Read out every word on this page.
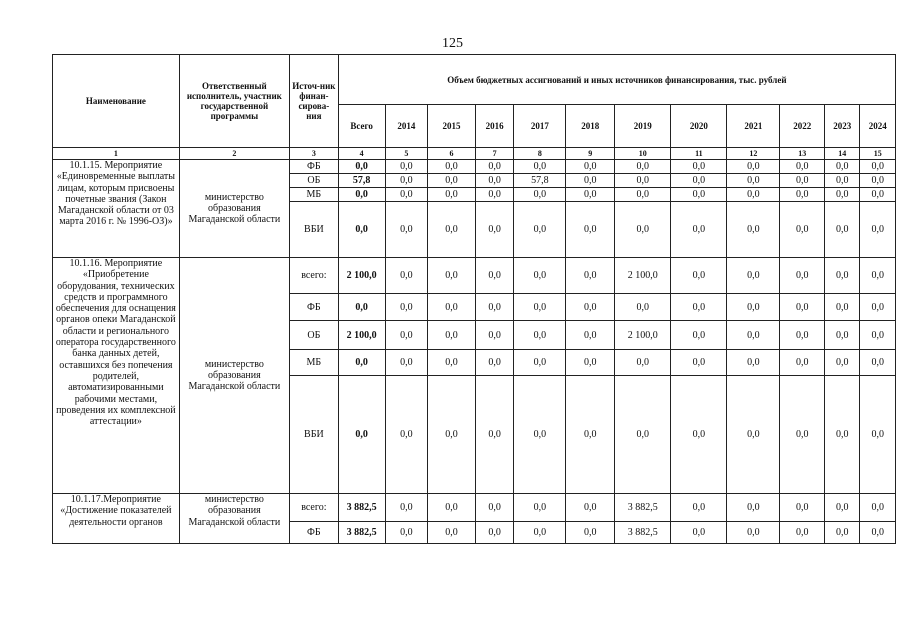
125
Наименование	Ответственный исполнитель, участник государственной программы	Источ-ник финан-сирова-ния	Объем бюджетных ассигнований и иных источников финансирования, тыс. рублей											
			Всего	2014	2015	2016	2017	2018	2019	2020	2021	2022	2023	2024
1	2	3	4	5	6	7	8	9	10	11	12	13	14	15
10.1.15. Мероприятие «Единовременные выплаты лицам, которым присвоены почетные звания (Закон Магаданской области от 03 марта 2016 г. № 1996-ОЗ)»	министерство образования Магаданской области	ФБ	0,0	0,0	0,0	0,0	0,0	0,0	0,0	0,0	0,0	0,0	0,0	0,0
		ОБ	57,8	0,0	0,0	0,0	57,8	0,0	0,0	0,0	0,0	0,0	0,0	0,0
		МБ	0,0	0,0	0,0	0,0	0,0	0,0	0,0	0,0	0,0	0,0	0,0	0,0
		ВБИ	0,0	0,0	0,0	0,0	0,0	0,0	0,0	0,0	0,0	0,0	0,0	0,0
10.1.16. Мероприятие «Приобретение оборудования, технических средств и программного обеспечения для оснащения органов опеки Магаданской области и регионального оператора государственного банка данных детей, оставшихся без попечения родителей, автоматизированными рабочими местами, проведения их комплексной аттестации»	министерство образования Магаданской области	всего:	2 100,0	0,0	0,0	0,0	0,0	0,0	2 100,0	0,0	0,0	0,0	0,0	0,0
		ФБ	0,0	0,0	0,0	0,0	0,0	0,0	0,0	0,0	0,0	0,0	0,0	0,0
		ОБ	2 100,0	0,0	0,0	0,0	0,0	0,0	2 100,0	0,0	0,0	0,0	0,0	0,0
		МБ	0,0	0,0	0,0	0,0	0,0	0,0	0,0	0,0	0,0	0,0	0,0	0,0
		ВБИ	0,0	0,0	0,0	0,0	0,0	0,0	0,0	0,0	0,0	0,0	0,0	0,0
10.1.17.Мероприятие «Достижение показателей деятельности органов	министерство образования Магаданской области	всего:	3 882,5	0,0	0,0	0,0	0,0	0,0	3 882,5	0,0	0,0	0,0	0,0	0,0
		ФБ	3 882,5	0,0	0,0	0,0	0,0	0,0	3 882,5	0,0	0,0	0,0	0,0	0,0
